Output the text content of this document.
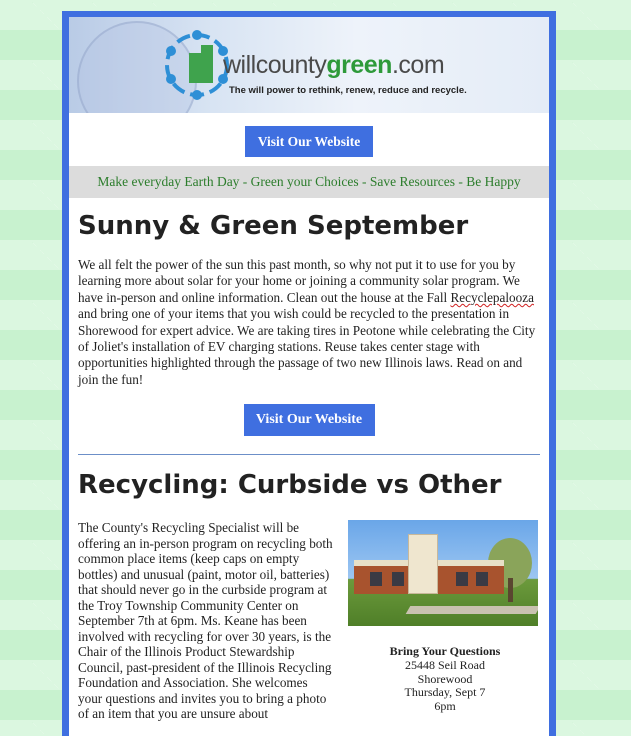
willcountygreen.com
The will power to rethink, renew, reduce and recycle.
Visit Our Website
Make everyday Earth Day - Green your Choices - Save Resources - Be Happy
Sunny & Green September

We all felt the power of the sun this past month, so why not put it to use for you by learning more about solar for your home or joining a community solar program. We have in-person and online information. Clean out the house at the Fall Recyclepalooza and bring one of your items that you wish could be recycled to the presentation in Shorewood for expert advice. We are taking tires in Peotone while celebrating the City of Joliet's installation of EV charging stations. Reuse takes center stage with opportunities highlighted through the passage of two new Illinois laws. Read on and join the fun!

Visit Our Website
Recycling: Curbside vs Other

The County's Recycling Specialist will be offering an in-person program on recycling both common place items (keep caps on empty bottles) and unusual (paint, motor oil, batteries) that should never go in the curbside program at the Troy Township Community Center on September 7th at 6pm. Ms. Keane has been involved with recycling for over 30 years, is the Chair of the Illinois Product Stewardship Council, past-president of the Illinois Recycling Foundation and Association. She welcomes your questions and invites you to bring a photo of an item that you are unsure about

Bring Your Questions
25448 Seil Road
Shorewood
Thursday, Sept 7
6pm
